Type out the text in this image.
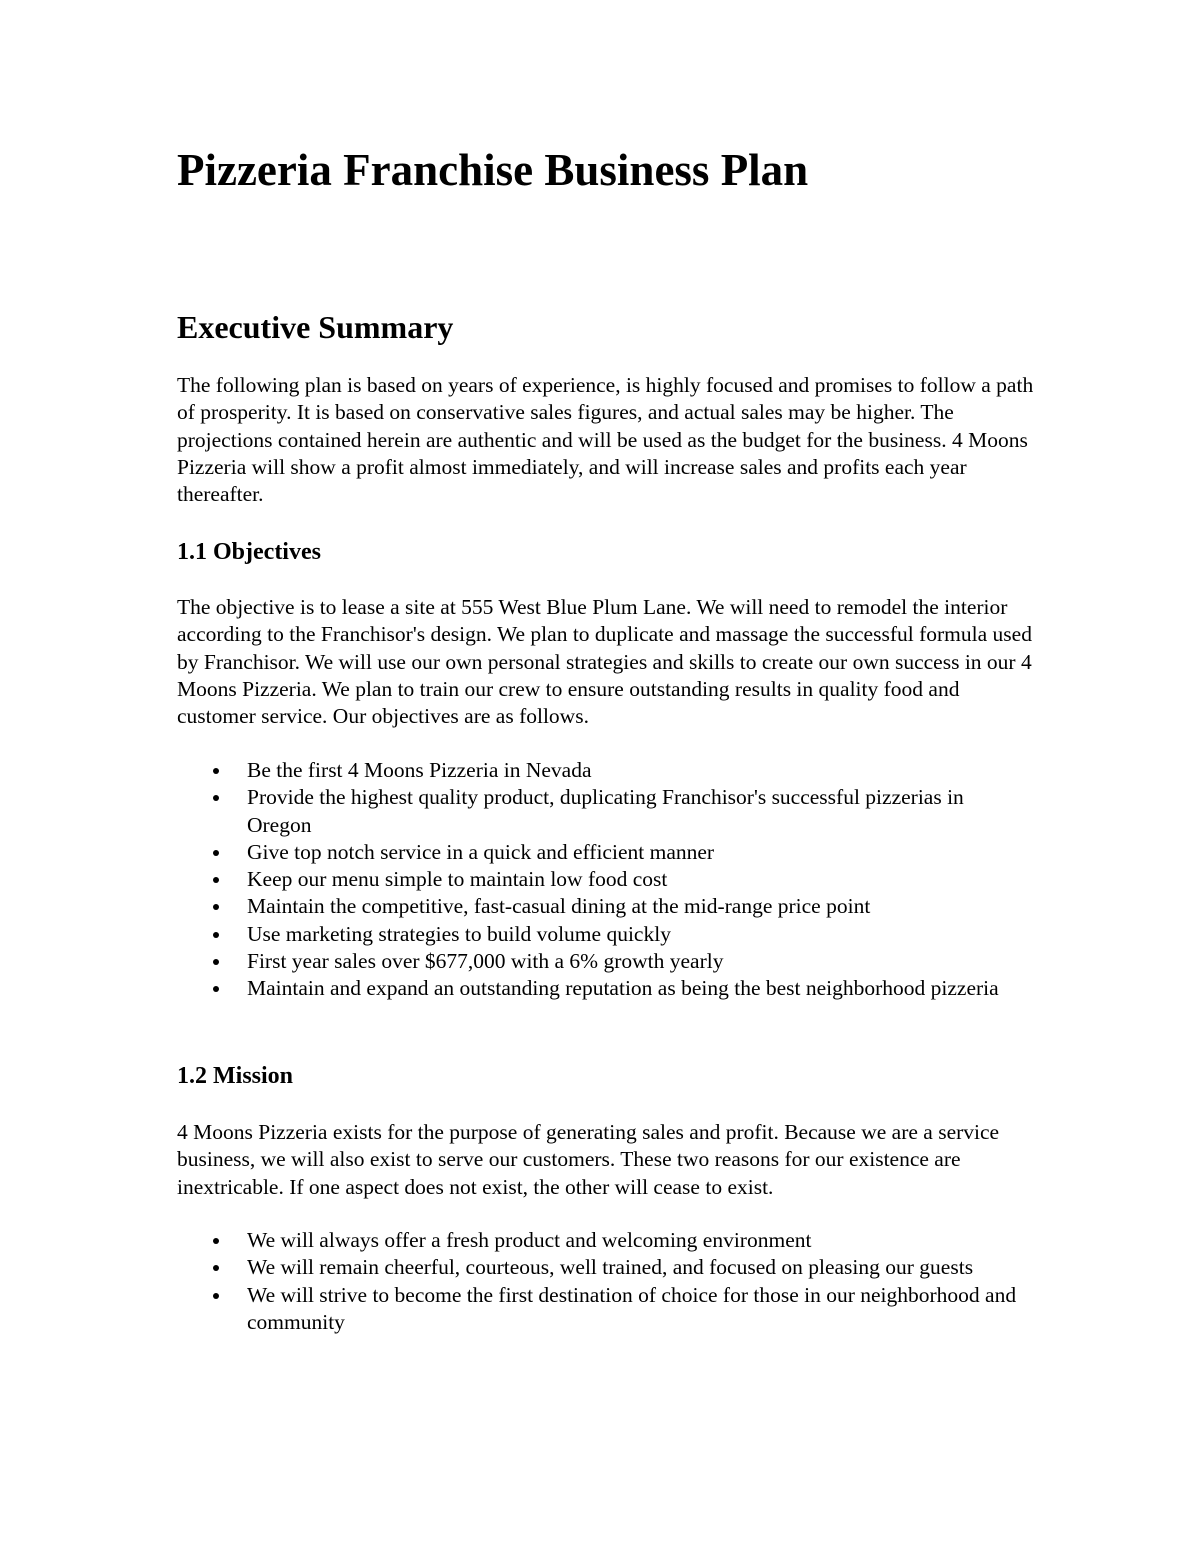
Pizzeria Franchise Business Plan
Executive Summary

The following plan is based on years of experience, is highly focused and promises to follow a path of prosperity. It is based on conservative sales figures, and actual sales may be higher. The projections contained herein are authentic and will be used as the budget for the business. 4 Moons Pizzeria will show a profit almost immediately, and will increase sales and profits each year thereafter.

1.1 Objectives

The objective is to lease a site at 555 West Blue Plum Lane. We will need to remodel the interior according to the Franchisor's design. We plan to duplicate and massage the successful formula used by Franchisor. We will use our own personal strategies and skills to create our own success in our 4 Moons Pizzeria. We plan to train our crew to ensure outstanding results in quality food and customer service. Our objectives are as follows.

Be the first 4 Moons Pizzeria in Nevada
Provide the highest quality product, duplicating Franchisor's successful pizzerias in Oregon
Give top notch service in a quick and efficient manner
Keep our menu simple to maintain low food cost
Maintain the competitive, fast-casual dining at the mid-range price point
Use marketing strategies to build volume quickly
First year sales over $677,000 with a 6% growth yearly
Maintain and expand an outstanding reputation as being the best neighborhood pizzeria
1.2 Mission

4 Moons Pizzeria exists for the purpose of generating sales and profit. Because we are a service business, we will also exist to serve our customers. These two reasons for our existence are inextricable. If one aspect does not exist, the other will cease to exist.

We will always offer a fresh product and welcoming environment
We will remain cheerful, courteous, well trained, and focused on pleasing our guests
We will strive to become the first destination of choice for those in our neighborhood and community
